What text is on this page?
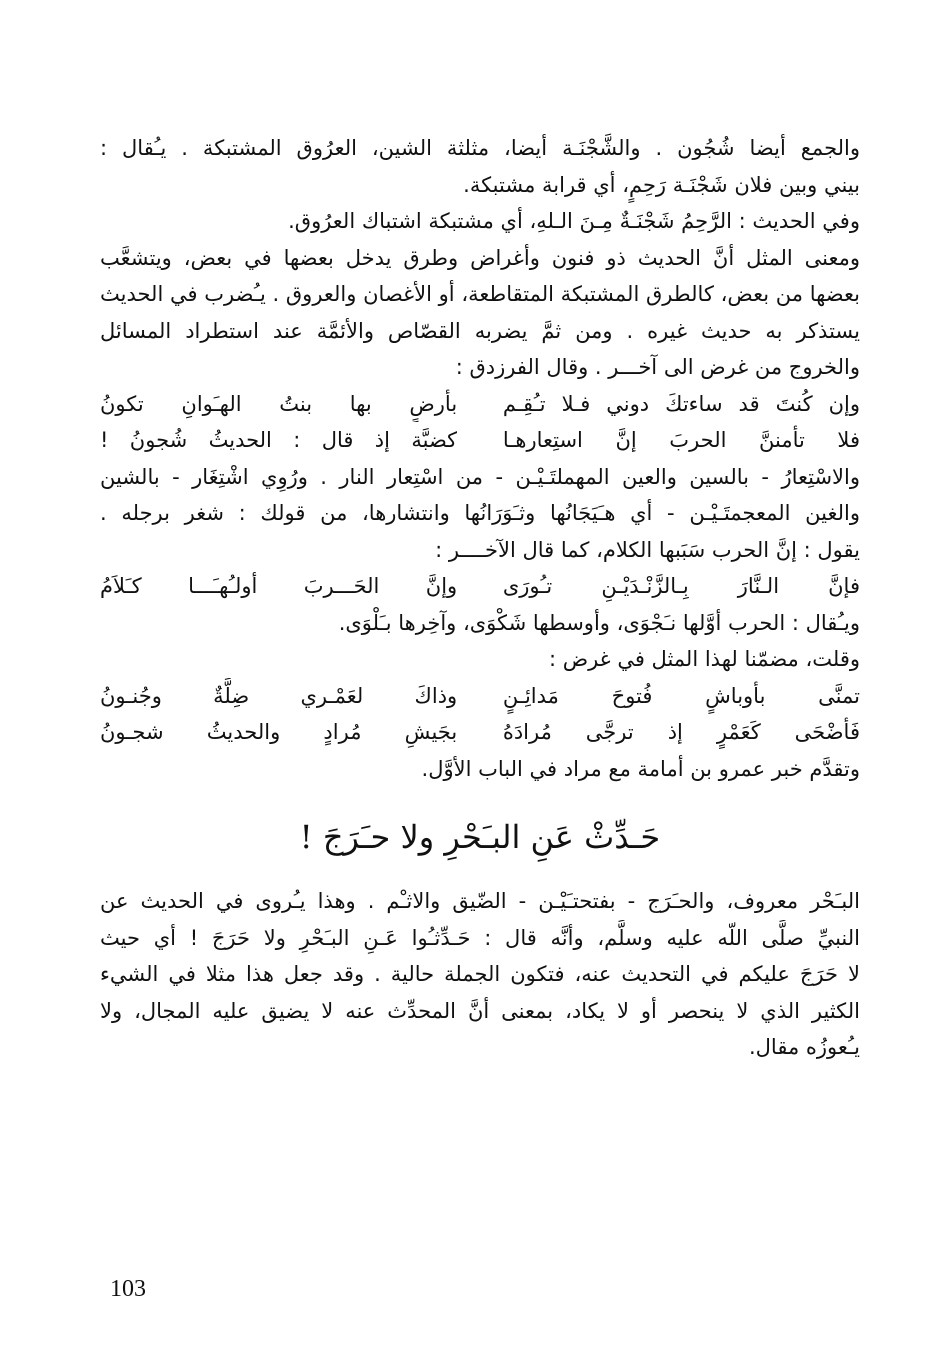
والجمع أيضا شُجُون . والشَّجْنَـة أيضا، مثلثة الشين، العرُوق المشتبكة . يـُقال :
بيني وبين فلان شَجْنَـة رَحِمٍ، أي قرابة مشتبكة.
وفي الحديث : الرَّحِمُ شَجْنَـةٌ مِـنَ الـلهِ، أي مشتبكة اشتباك العرُوق.
ومعنى المثل أنَّ الحديث ذو فنون وأغراض وطرق يدخل بعضها في بعض، ويتشعَّب
بعضها من بعض، كالطرق المشتبكة المتقاطعة، أو الأغصان والعروق . يـُضرب في الحديث
يستذكر به حديث غيره . ومن ثمَّ يضربه القصّاص والأئمَّة عند استطراد المسائل
والخروج من غرض الى آخـــر . وقال الفرزدق :
وإن كُنتَ قد ساءتكَ دوني فـلا تـُقِـم
بأرضٍ بها بنتُ الهـَوانِ تكونُ
فلا تأمننَّ الحربَ إنَّ استِعارهـا
كضبَّة إذ قال : الحديثُ شُجونُ !
والاسْتِعارُ - بالسين والعين المهملتَـيْـن - من اسْتِعار النار . ورُوِي اشْتِغَار - بالشين
والغين المعجمتَـيْـن - أي هـَيَجَانُها وثـَوَرَانُها وانتشارها، من قولك : شغر برجله .
يقول : إنَّ الحرب سَبَبها الكلام، كما قال الآخــــر :
فإنَّ الـنَّارَ بِـالزَّنْـدَيْـنِ تـُورَى
وإنَّ الحَـــربَ أولـُهـَـــا كـَلاَمُ
ويـُقال : الحرب أوَّلها نـَجْوَى، وأوسطها شَكْوَى، وآخِرها بـَلْوَى.
وقلت، مضمّنا لهذا المثل في غرض :
تمنَّى بأوباشٍ فُتوحَ مَدائِـنٍ
وذاكَ لعَمْـري ضِلَّةٌ وجُنـونُ
فَأضْحَى كَعَمْرٍ إذ ترجَّى مُرادَهُ
بجَيشِ مُرادٍ والحديثُ شجـونُ
وتقدَّم خبر عمرو بن أمامة مع مراد في الباب الأوَّل.
حَـدِّثْ عَنِ البـَحْرِ ولا حـَرَجَ !
البـَحْر معروف، والحـَرَج - بفتحتـَيْـن - الضّيق والاثـْم . وهذا يـُروى في الحديث عن
النبيِّ صلَّى اللّه عليه وسلَّم، وأنَّه قال : حَـدِّثـُوا عَـنِ البـَحْرِ ولا حَرَجَ ! أي حيث
لا حَرَجَ عليكم في التحديث عنه، فتكون الجملة حالية . وقد جعل هذا مثلا في الشيء
الكثير الذي لا ينحصر أو لا يكاد، بمعنى أنَّ المحدِّث عنه لا يضيق عليه المجال، ولا
يـُعوزُه مقال.
103
